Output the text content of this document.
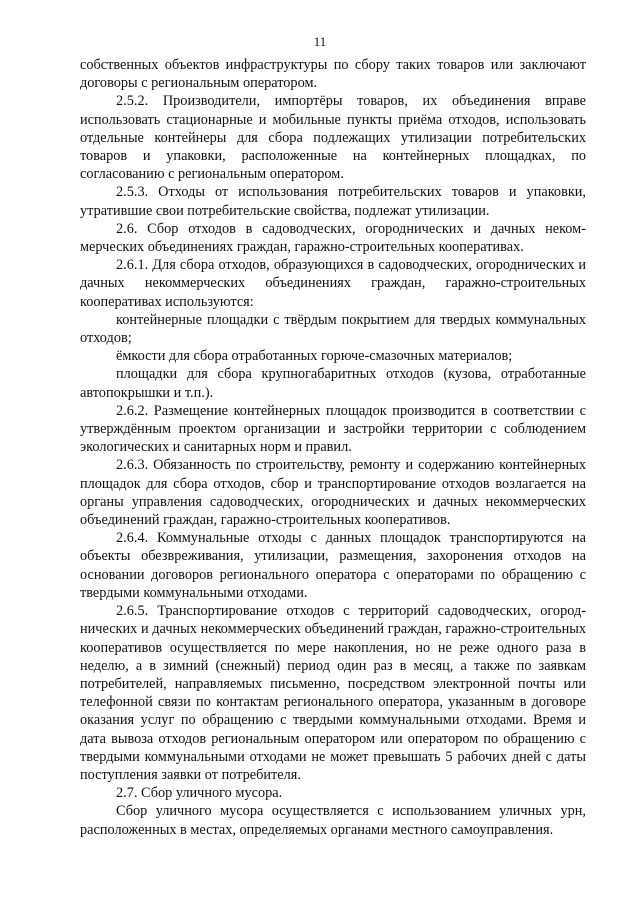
11

собственных объектов инфраструктуры по сбору таких товаров или заключают договоры с региональным оператором.

2.5.2. Производители, импортёры товаров, их объединения вправе использовать стационарные и мобильные пункты приёма отходов, использовать отдельные контейнеры для сбора подлежащих утилизации потребительских товаров и упаковки, расположенные на контейнерных площадках, по согласованию с региональным оператором.

2.5.3. Отходы от использования потребительских товаров и упаковки, утратившие свои потребительские свойства, подлежат утилизации.

2.6. Сбор отходов в садоводческих, огороднических и дачных некоммерческих объединениях граждан, гаражно-строительных кооперативах.

2.6.1. Для сбора отходов, образующихся в садоводческих, огороднических и дачных некоммерческих объединениях граждан, гаражно-строительных кооперативах используются:

контейнерные площадки с твёрдым покрытием для твердых коммунальных отходов;

ёмкости для сбора отработанных горюче-смазочных материалов;

площадки для сбора крупногабаритных отходов (кузова, отработанные автопокрышки и т.п.).

2.6.2. Размещение контейнерных площадок производится в соответствии с утверждённым проектом организации и застройки территории с соблюдением экологических и санитарных норм и правил.

2.6.3. Обязанность по строительству, ремонту и содержанию контейнерных площадок для сбора отходов, сбор и транспортирование отходов возлагается на органы управления садоводческих, огороднических и дачных некоммерческих объединений граждан, гаражно-строительных кооперативов.

2.6.4. Коммунальные отходы с данных площадок транспортируются на объекты обезвреживания, утилизации, размещения, захоронения отходов на основании договоров регионального оператора с операторами по обращению с твердыми коммунальными отходами.

2.6.5. Транспортирование отходов с территорий садоводческих, огороднических и дачных некоммерческих объединений граждан, гаражно-строительных кооперативов осуществляется по мере накопления, но не реже одного раза в неделю, а в зимний (снежный) период один раз в месяц, а также по заявкам потребителей, направляемых письменно, посредством электронной почты или телефонной связи по контактам регионального оператора, указанным в договоре оказания услуг по обращению с твердыми коммунальными отходами. Время и дата вывоза отходов региональным оператором или оператором по обращению с твердыми коммунальными отходами не может превышать 5 рабочих дней с даты поступления заявки от потребителя.

2.7. Сбор уличного мусора.

Сбор уличного мусора осуществляется с использованием уличных урн, расположенных в местах, определяемых органами местного самоуправления.
